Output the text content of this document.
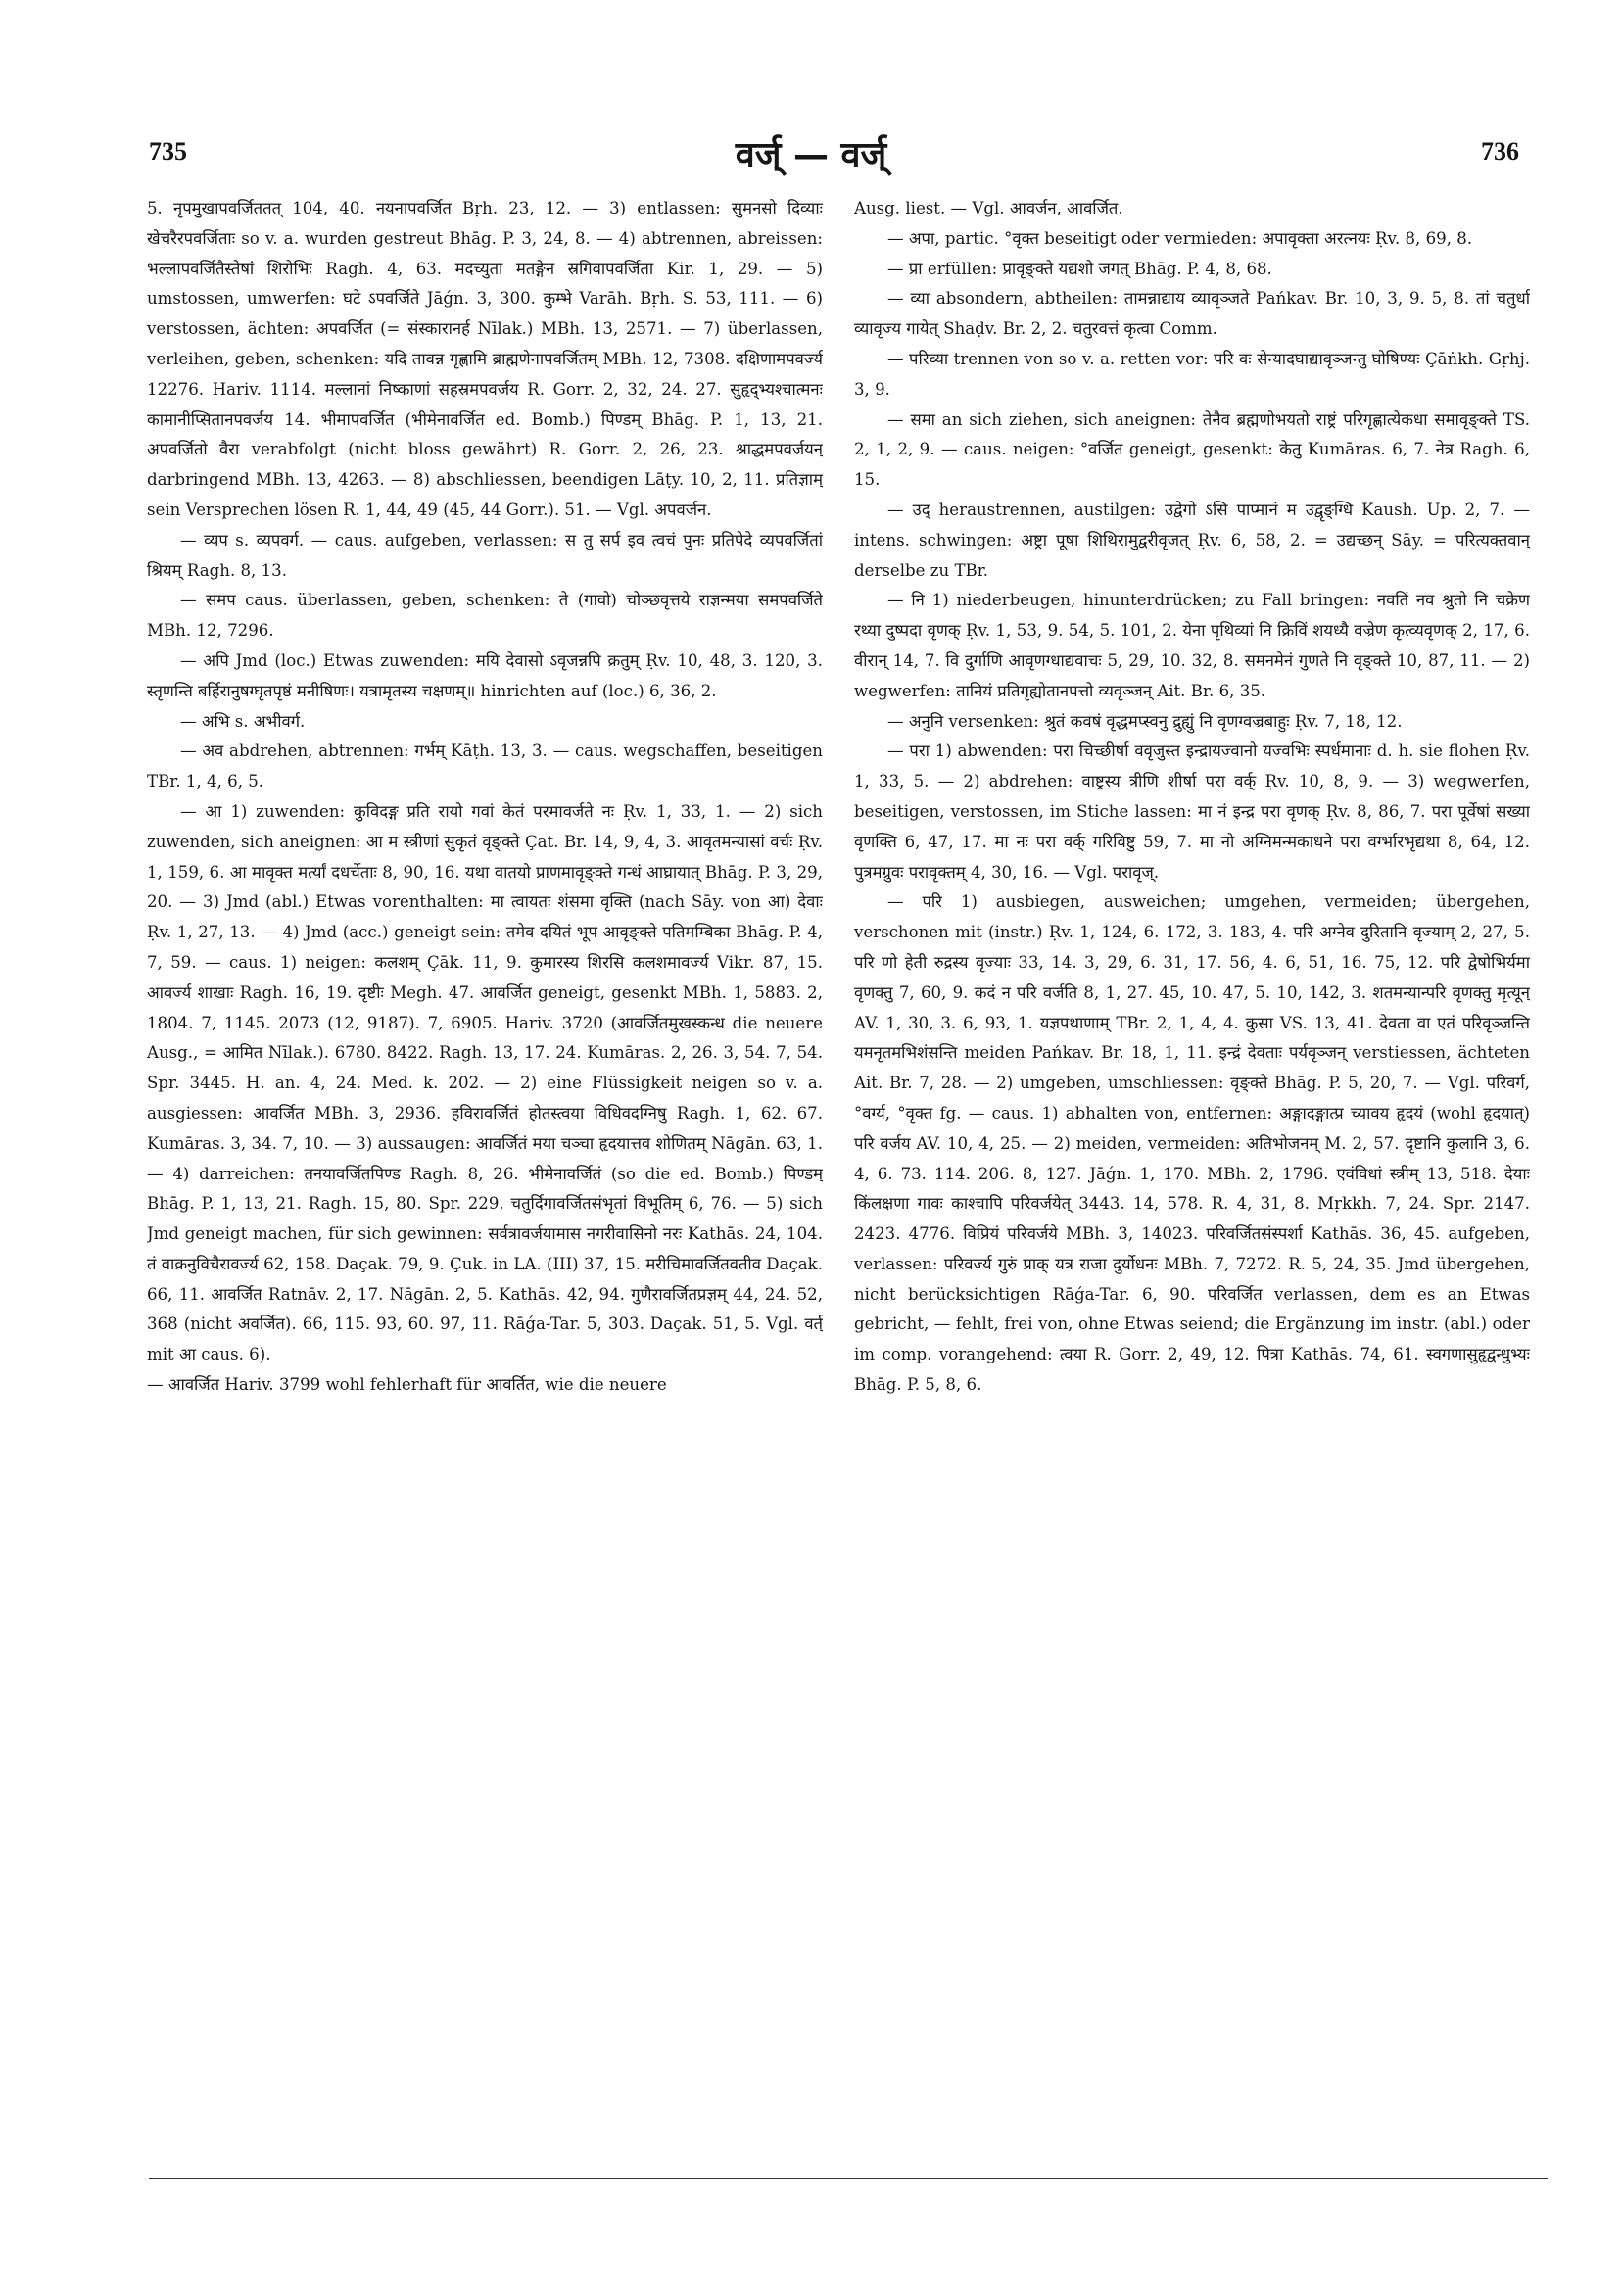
735	वर्ज् — वर्ज्	736

5. नृपमुखापवर्जिततत् 104, 40. नयनापवर्जित Bṛh. 23, 12. — 3) entlassen: सुमनसो दिव्याः खेचरैरपवर्जिताः so v. a. wurden gestreut Bhāg. P. 3, 24, 8. — 4) abtrennen, abreissen: भल्लापवर्जितैस्तेषां शिरोभिः Ragh. 4, 63. मदच्युता मतङ्गेन स्रगिवापवर्जिता Kir. 1, 29. — 5) umstossen, umwerfen: घटे ऽपवर्जिते Jāǵn. 3, 300. कुम्भे Varāh. Bṛh. S. 53, 111. — 6) verstossen, ächten: अपवर्जित (= संस्कारानर्ह Nīlak.) MBh. 13, 2571. — 7) überlassen, verleihen, geben, schenken: यदि तावन्न गृह्णामि ब्राह्मणेनापवर्जितम् MBh. 12, 7308. दक्षिणामपवर्ज्य 12276. Hariv. 1114. मल्लानां निष्काणां सहस्रमपवर्जय R. Gorr. 2, 32, 24. 27. सुहृद्भ्यश्चात्मनः कामानीप्सितानपवर्जय 14. भीमापवर्जित (भीमेनावर्जित ed. Bomb.) पिण्डम् Bhāg. P. 1, 13, 21. अपवर्जितो वैरा verabfolgt (nicht bloss gewährt) R. Gorr. 2, 26, 23. श्राद्धमपवर्जयन् darbringend MBh. 13, 4263. — 8) abschliessen, beendigen Lāṭy. 10, 2, 11. प्रतिज्ञाम् sein Versprechen lösen R. 1, 44, 49 (45, 44 Gorr.). 51. — Vgl. अपवर्जन.

— व्यप s. व्यपवर्ग. — caus. aufgeben, verlassen: स तु सर्प इव त्वचं पुनः प्रतिपेदे व्यपवर्जितां श्रियम् Ragh. 8, 13.

— समप caus. überlassen, geben, schenken: ते (गावो) चोञ्छवृत्तये राज्ञन्मया समपवर्जिते MBh. 12, 7296.

— अपि Jmd (loc.) Etwas zuwenden: मयि देवासो ऽवृजन्नपि क्रतुम् Ṛv. 10, 48, 3. 120, 3. स्तृणन्ति बर्हिरानुषग्घृतपृष्ठं मनीषिणः। यत्रामृतस्य चक्षणम्॥ hinrichten auf (loc.) 6, 36, 2.

— अभि s. अभीवर्ग.

— अव abdrehen, abtrennen: गर्भम् Kāṭh. 13, 3. — caus. wegschaffen, beseitigen TBr. 1, 4, 6, 5.

— आ 1) zuwenden: कुविदङ्ग प्रति रायो गवां केतं परमावर्जते नः Ṛv. 1, 33, 1. — 2) sich zuwenden, sich aneignen: आ म स्त्रीणां सुकृतं वृङ्क्ते Çat. Br. 14, 9, 4, 3. आवृतमन्यासां वर्चः Ṛv. 1, 159, 6. आ मावृक्त मर्त्यां दधर्चेताः 8, 90, 16. यथा वातयो प्राणमावृङ्क्ते गन्धं आघ्रायात् Bhāg. P. 3, 29, 20. — 3) Jmd (abl.) Etwas vorenthalten: मा त्वायतः शंसमा वृक्ति (nach Sāy. von आ) देवाः Ṛv. 1, 27, 13. — 4) Jmd (acc.) geneigt sein: तमेव दयितं भूप आवृङ्क्ते पतिमम्बिका Bhāg. P. 4, 7, 59. — caus. 1) neigen: कलशम् Çāk. 11, 9. कुमारस्य शिरसि कलशमावर्ज्य Vikr. 87, 15. आवर्ज्य शाखाः Ragh. 16, 19. दृष्टीः Megh. 47. आवर्जित geneigt, gesenkt MBh. 1, 5883. 2, 1804. 7, 1145. 2073 (12, 9187). 7, 6905. Hariv. 3720 (आवर्जितमुखस्कन्ध die neuere Ausg., = आमित Nīlak.). 6780. 8422. Ragh. 13, 17. 24. Kumāras. 2, 26. 3, 54. 7, 54. Spr. 3445. H. an. 4, 24. Med. k. 202. — 2) eine Flüssigkeit neigen so v. a. ausgiessen: आवर्जित MBh. 3, 2936. हविरावर्जितं होतस्त्वया विधिवदग्निषु Ragh. 1, 62. 67. Kumāras. 3, 34. 7, 10. — 3) aussaugen: आवर्जितं मया चञ्चा हृदयात्तव शोणितम् Nāgān. 63, 1. — 4) darreichen: तनयावर्जितपिण्ड Ragh. 8, 26. भीमेनावर्जितं (so die ed. Bomb.) पिण्डम् Bhāg. P. 1, 13, 21. Ragh. 15, 80. Spr. 229. चतुर्दिगावर्जितसंभृतां विभूतिम् 6, 76. — 5) sich Jmd geneigt machen, für sich gewinnen: सर्वत्रावर्जयामास नगरीवासिनो नरः Kathās. 24, 104. तं वाक्रनुविचैरावर्ज्य 62, 158. Daçak. 79, 9. Çuk. in LA. (III) 37, 15. मरीचिमावर्जितवतीव Daçak. 66, 11. आवर्जित Ratnāv. 2, 17. Nāgān. 2, 5. Kathās. 42, 94. गुणैरावर्जितप्रज्ञम् 44, 24. 52, 368 (nicht अवर्जित). 66, 115. 93, 60. 97, 11. Rāǵa-Tar. 5, 303. Daçak. 51, 5. Vgl. वर्त् mit आ caus. 6).

— आवर्जित Hariv. 3799 wohl fehlerhaft für आवर्तित, wie die neuere

Ausg. liest. — Vgl. आवर्जन, आवर्जित.

— अपा, partic. °वृक्त beseitigt oder vermieden: अपावृक्ता अरत्नयः Ṛv. 8, 69, 8.

— प्रा erfüllen: प्रावृङ्क्ते यद्यशो जगत् Bhāg. P. 4, 8, 68.

— व्या absondern, abtheilen: तामन्नाद्याय व्यावृञ्जते Pańkav. Br. 10, 3, 9. 5, 8. तां चतुर्धा व्यावृज्य गायेत् Shaḍv. Br. 2, 2. चतुरवत्तं कृत्वा Comm.

— परिव्या trennen von so v. a. retten vor: परि वः सेन्यादघाद्यावृञ्जन्तु घोषिण्यः Çāṅkh. Gṛhj. 3, 9.

— समा an sich ziehen, sich aneignen: तेनैव ब्रह्मणोभयतो राष्ट्रं परिगृह्णात्येकधा समावृङ्क्ते TS. 2, 1, 2, 9. — caus. neigen: °वर्जित geneigt, gesenkt: केतु Kumāras. 6, 7. नेत्र Ragh. 6, 15.

— उद् heraustrennen, austilgen: उद्वेगो ऽसि पाप्मानं म उद्वृङ्ग्धि Kaush. Up. 2, 7. — intens. schwingen: अष्ट्रा पूषा शिथिरामुद्वरीवृजत् Ṛv. 6, 58, 2. = उद्यच्छन् Sāy. = परित्यक्तवान् derselbe zu TBr.

— नि 1) niederbeugen, hinunterdrücken; zu Fall bringen: नवतिं नव श्रुतो नि चक्रेण रथ्या दुष्पदा वृणक् Ṛv. 1, 53, 9. 54, 5. 101, 2. येना पृथिव्यां नि क्रिविं शयध्यै वज्रेण कृत्व्यवृणक् 2, 17, 6. वीरान् 14, 7. वि दुर्गाणि आवृणग्धाद्यवाचः 5, 29, 10. 32, 8. समनमेनं गुणते नि वृङ्क्ते 10, 87, 11. — 2) wegwerfen: तानियं प्रतिगृह्योतानपत्तो व्यवृञ्जन् Ait. Br. 6, 35.

— अनुनि versenken: श्रुतं कवषं वृद्धमप्स्वनु द्रुह्युं नि वृणग्वज्रबाहुः Ṛv. 7, 18, 12.

— परा 1) abwenden: परा चिच्छीर्षा ववृजुस्त इन्द्रायज्वानो यज्वभिः स्पर्धमानाः d. h. sie flohen Ṛv. 1, 33, 5. — 2) abdrehen: वाष्ट्रस्य त्रीणि शीर्षा परा वर्क् Ṛv. 10, 8, 9. — 3) wegwerfen, beseitigen, verstossen, im Stiche lassen: मा नं इन्द्र परा वृणक् Ṛv. 8, 86, 7. परा पूर्वेषां सख्या वृणक्ति 6, 47, 17. मा नः परा वर्क् गरिविष्टु 59, 7. मा नो अग्निमन्मकाधने परा वर्ग्भारभृद्यथा 8, 64, 12. पुत्रमग्रुवः परावृक्तम् 4, 30, 16. — Vgl. परावृज्.

— परि 1) ausbiegen, ausweichen; umgehen, vermeiden; übergehen, verschonen mit (instr.) Ṛv. 1, 124, 6. 172, 3. 183, 4. परि अग्नेव दुरितानि वृज्याम् 2, 27, 5. परि णो हेती रुद्रस्य वृज्याः 33, 14. 3, 29, 6. 31, 17. 56, 4. 6, 51, 16. 75, 12. परि द्वेषोभिर्यमा वृणक्तु 7, 60, 9. कदं न परि वर्जति 8, 1, 27. 45, 10. 47, 5. 10, 142, 3. शतमन्यान्परि वृणक्तु मृत्यून् AV. 1, 30, 3. 6, 93, 1. यज्ञपथाणाम् TBr. 2, 1, 4, 4. कुसा VS. 13, 41. देवता वा एतं परिवृञ्जन्ति यमनृतमभिशंसन्ति meiden Pańkav. Br. 18, 1, 11. इन्द्रं देवताः पर्यवृञ्जन् verstiessen, ächteten Ait. Br. 7, 28. — 2) umgeben, umschliessen: वृङ्क्ते Bhāg. P. 5, 20, 7. — Vgl. परिवर्ग, °वर्ग्य, °वृक्त fg. — caus. 1) abhalten von, entfernen: अङ्गादङ्गात्प्र च्यावय हृदयं (wohl हृदयात्) परि वर्जय AV. 10, 4, 25. — 2) meiden, vermeiden: अतिभोजनम् M. 2, 57. दृष्टानि कुलानि 3, 6. 4, 6. 73. 114. 206. 8, 127. Jāǵn. 1, 170. MBh. 2, 1796. एवंविधां स्त्रीम् 13, 518. देयाः किंलक्षणा गावः काश्चापि परिवर्जयेत् 3443. 14, 578. R. 4, 31, 8. Mṛkkh. 7, 24. Spr. 2147. 2423. 4776. विप्रियं परिवर्जये MBh. 3, 14023. परिवर्जितसंस्पर्शा Kathās. 36, 45. aufgeben, verlassen: परिवर्ज्य गुरुं प्राक् यत्र राजा दुर्योधनः MBh. 7, 7272. R. 5, 24, 35. Jmd übergehen, nicht berücksichtigen Rāǵa-Tar. 6, 90. परिवर्जित verlassen, dem es an Etwas gebricht, — fehlt, frei von, ohne Etwas seiend; die Ergänzung im instr. (abl.) oder im comp. vorangehend: त्वया R. Gorr. 2, 49, 12. पित्रा Kathās. 74, 61. स्वगणासुहृद्वन्धुभ्यः Bhāg. P. 5, 8, 6.
